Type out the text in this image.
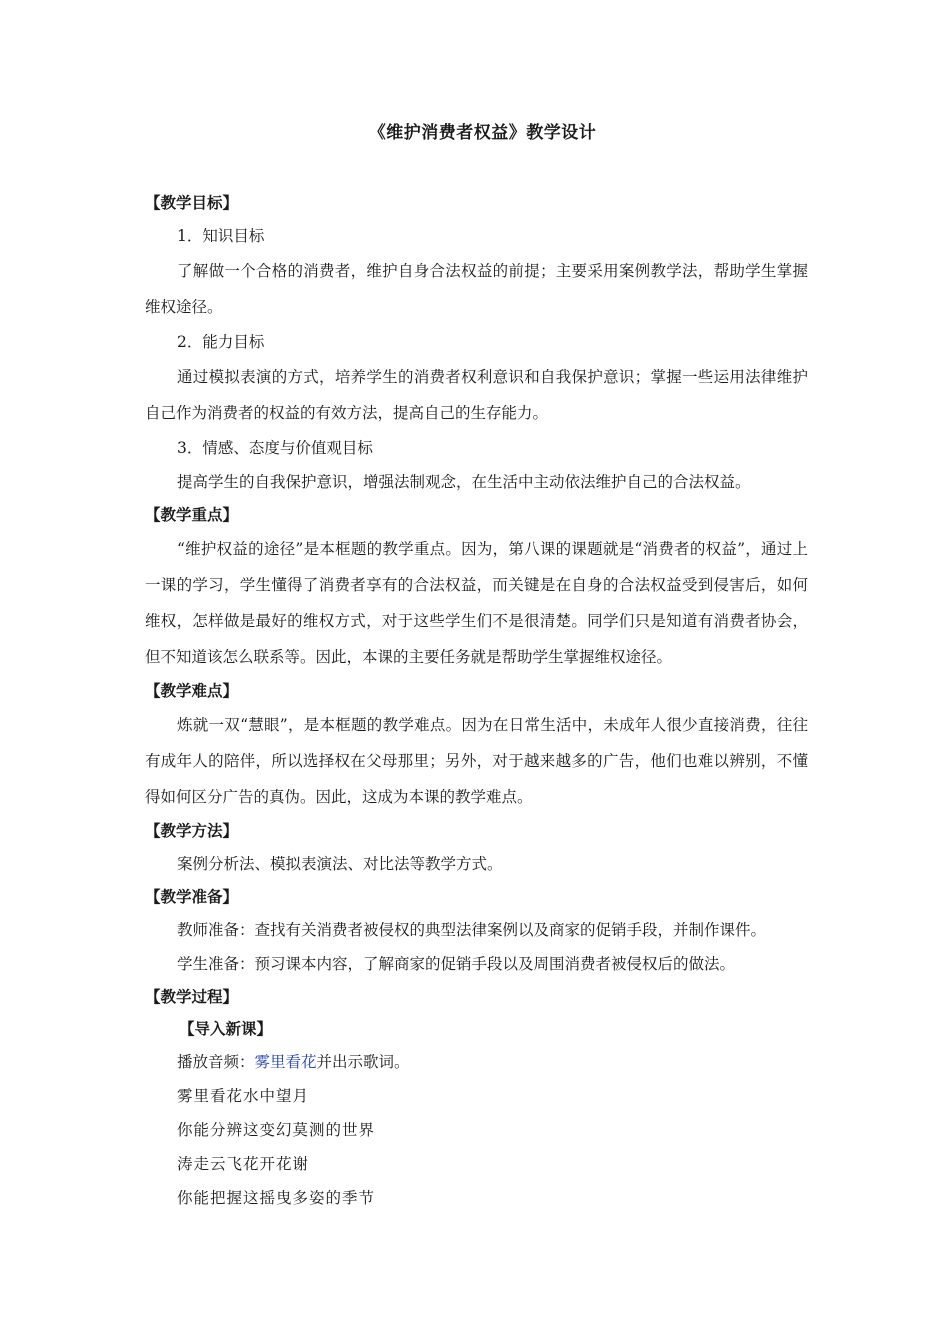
《维护消费者权益》教学设计
【教学目标】
1．知识目标

了解做一个合格的消费者，维护自身合法权益的前提；主要采用案例教学法，帮助学生掌握维权途径。

2．能力目标

通过模拟表演的方式，培养学生的消费者权利意识和自我保护意识；掌握一些运用法律维护自己作为消费者的权益的有效方法，提高自己的生存能力。

3．情感、态度与价值观目标
提高学生的自我保护意识，增强法制观念，在生活中主动依法维护自己的合法权益。
【教学重点】

“维护权益的途径”是本框题的教学重点。因为，第八课的课题就是“消费者的权益”，通过上一课的学习，学生懂得了消费者享有的合法权益，而关键是在自身的合法权益受到侵害后，如何维权，怎样做是最好的维权方式，对于这些学生们不是很清楚。同学们只是知道有消费者协会，但不知道该怎么联系等。因此，本课的主要任务就是帮助学生掌握维权途径。

【教学难点】

炼就一双“慧眼”，是本框题的教学难点。因为在日常生活中，未成年人很少直接消费，往往有成年人的陪伴，所以选择权在父母那里；另外，对于越来越多的广告，他们也难以辨别，不懂得如何区分广告的真伪。因此，这成为本课的教学难点。

【教学方法】
案例分析法、模拟表演法、对比法等教学方式。
【教学准备】
教师准备：查找有关消费者被侵权的典型法律案例以及商家的促销手段，并制作课件。
学生准备：预习课本内容，了解商家的促销手段以及周围消费者被侵权后的做法。
【教学过程】
【导入新课】
播放音频：雾里看花并出示歌词。
雾里看花水中望月
你能分辨这变幻莫测的世界
涛走云飞花开花谢
你能把握这摇曳多姿的季节
